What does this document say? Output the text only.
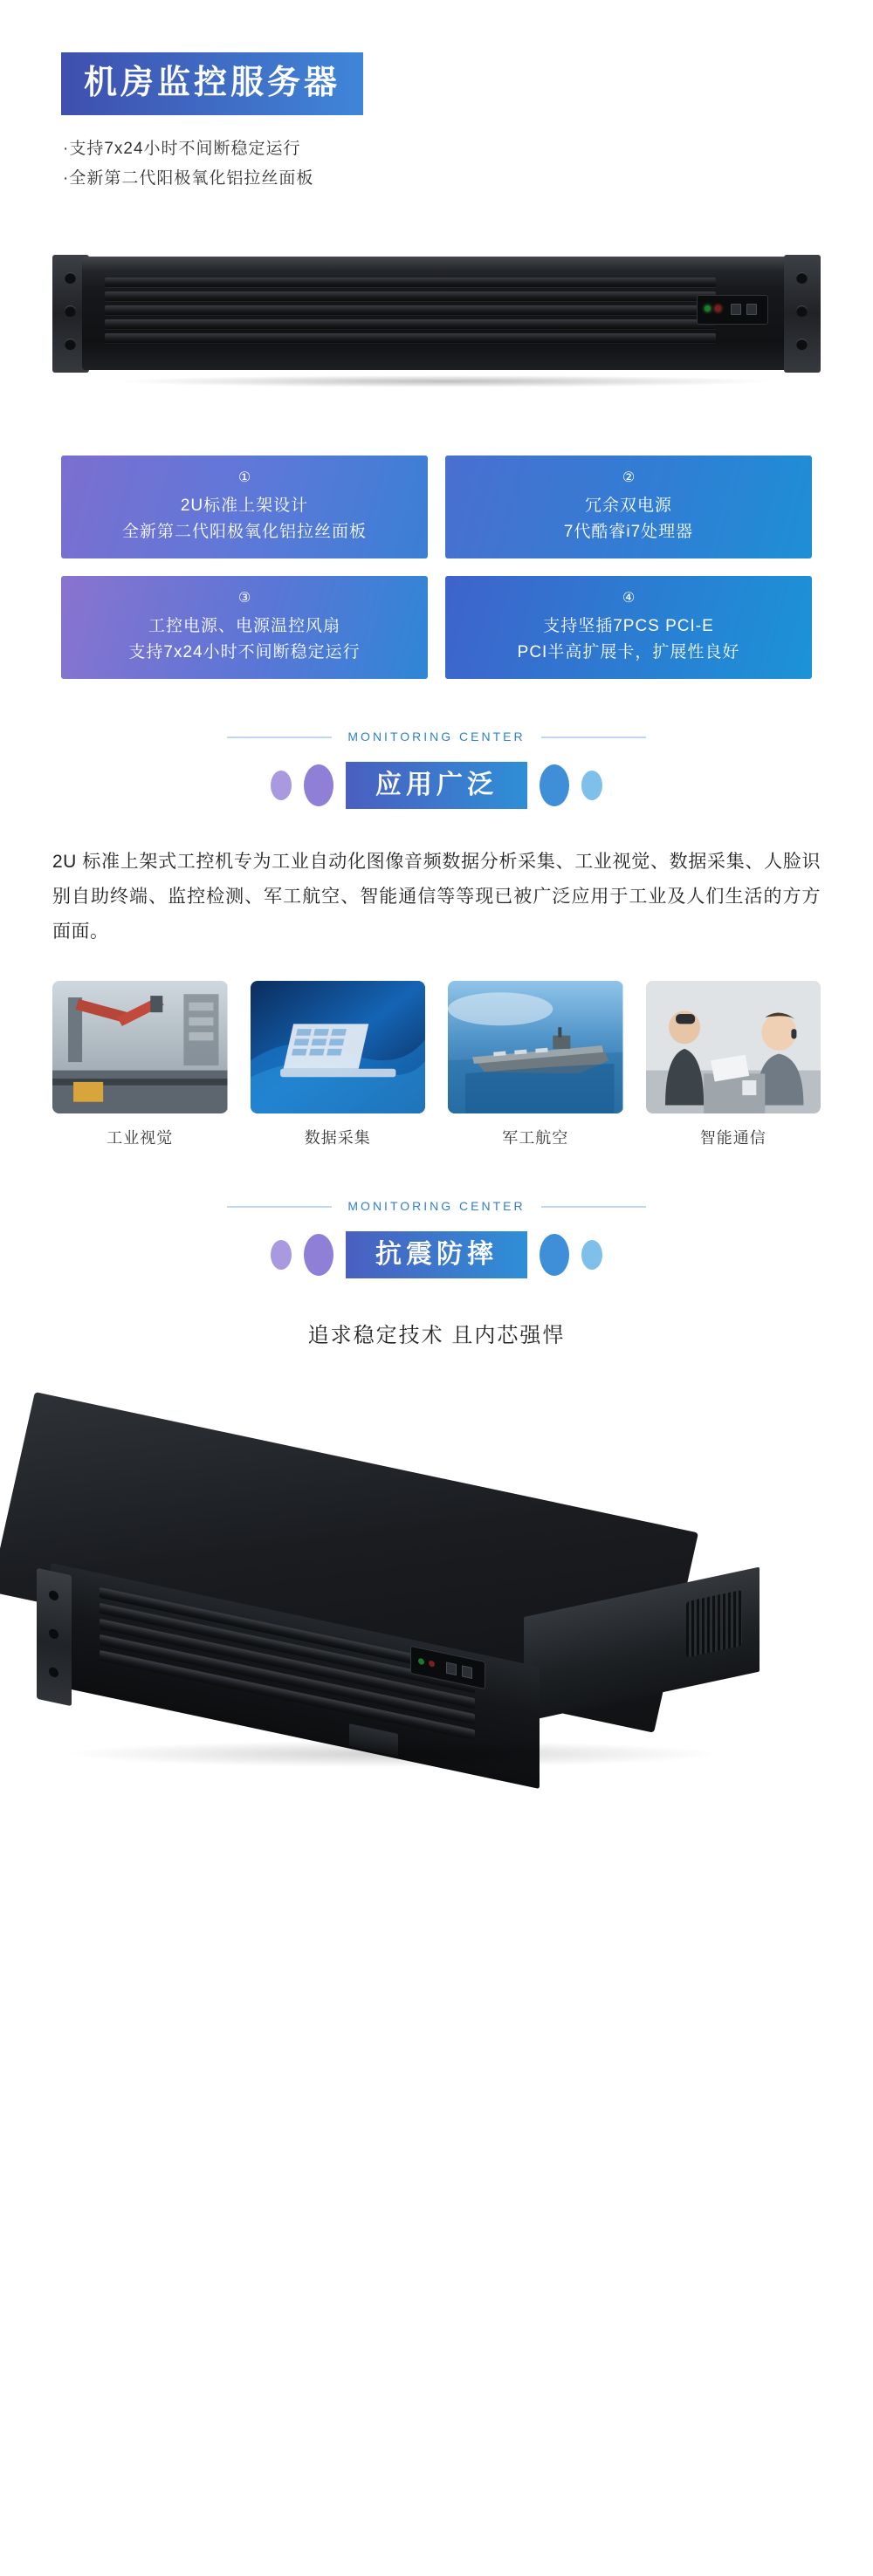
机房监控服务器
·支持7x24小时不间断稳定运行
·全新第二代阳极氧化铝拉丝面板
①
2U标准上架设计
全新第二代阳极氧化铝拉丝面板
②
冗余双电源
7代酷睿i7处理器
③
工控电源、电源温控风扇
支持7x24小时不间断稳定运行
④
支持坚插7PCS PCI-E
PCI半高扩展卡，扩展性良好
MONITORING CENTER
应用广泛

2U 标准上架式工控机专为工业自动化图像音频数据分析采集、工业视觉、数据采集、人脸识别自助终端、监控检测、军工航空、智能通信等等现已被广泛应用于工业及人们生活的方方面面。

工业视觉	数据采集	军工航空	智能通信
MONITORING CENTER
抗震防摔
追求稳定技术 且内芯强悍
